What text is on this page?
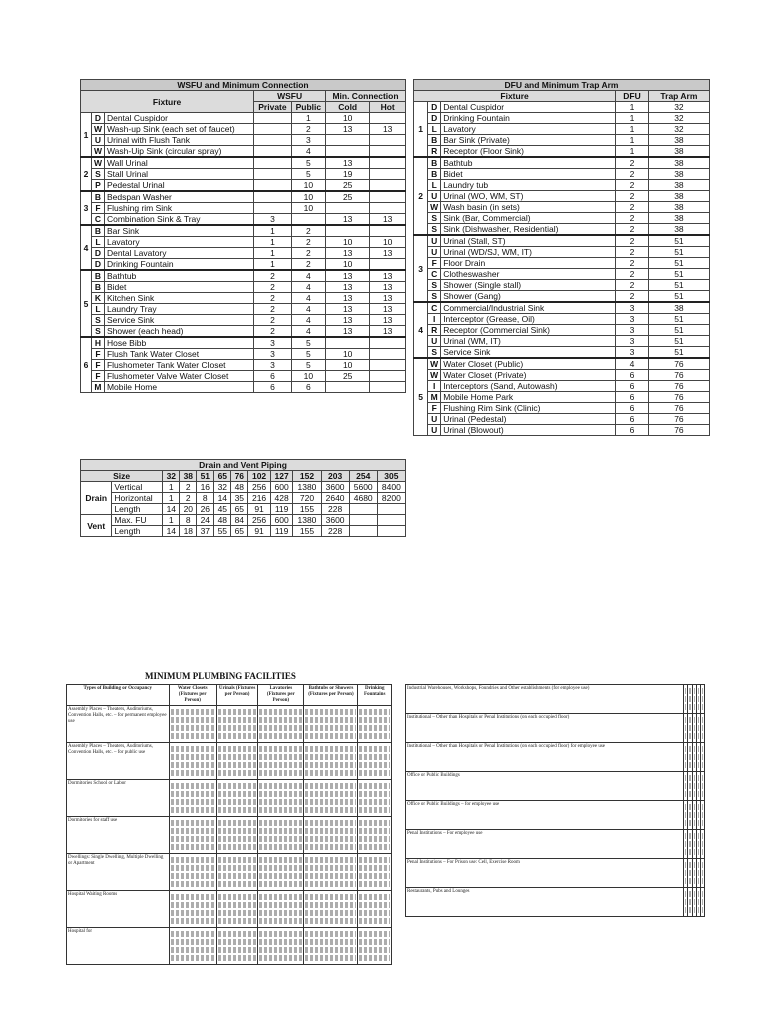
WSFU and Minimum Connection						
Fixture			WSFU		Min. Connection	
			Private	Public	Cold	Hot
1	D	Dental Cuspidor		1	10	
	W	Wash-up Sink (each set of faucet)		2	13	13
	U	Urinal with Flush Tank		3		
	W	Wash-Uip Sink (circular spray)		4		
2	W	Wall Urinal		5	13	
	S	Stall Urinal		5	19	
	P	Pedestal Urinal		10	25	
3	B	Bedspan Washer		10	25	
	F	Flushing rim Sink		10		
	C	Combination Sink & Tray	3		13	13
4	B	Bar Sink	1	2		
	L	Lavatory	1	2	10	10
	D	Dental Lavatory	1	2	13	13
	D	Drinking Fountain	1	2	10	
5	B	Bathtub	2	4	13	13
	B	Bidet	2	4	13	13
	K	Kitchen Sink	2	4	13	13
	L	Laundry Tray	2	4	13	13
	S	Service Sink	2	4	13	13
	S	Shower (each head)	2	4	13	13
6	H	Hose Bibb	3	5		
	F	Flush Tank Water Closet	3	5	10	
	F	Flushometer Tank Water Closet	3	5	10	
	F	Flushometer Valve Water Closet	6	10	25	
	M	Mobile Home	6	6		
DFU and Minimum Trap Arm				
Fixture			DFU	Trap Arm
1	D	Dental Cuspidor	1	32
	D	Drinking Fountain	1	32
	L	Lavatory	1	32
	B	Bar Sink (Private)	1	38
	R	Receptor (Floor Sink)	1	38
2	B	Bathtub	2	38
	B	Bidet	2	38
	L	Laundry tub	2	38
	U	Urinal (WO, WM, ST)	2	38
	W	Wash basin (in sets)	2	38
	S	Sink (Bar, Commercial)	2	38
	S	Sink (Dishwasher, Residential)	2	38
3	U	Urinal (Stall, ST)	2	51
	U	Urinal (WD/SJ, WM, IT)	2	51
	F	Floor Drain	2	51
	C	Clotheswasher	2	51
	S	Shower (Single stall)	2	51
	S	Shower (Gang)	2	51
4	C	Commercial/Industrial Sink	3	38
	I	Interceptor (Grease, Oil)	3	51
	R	Receptor (Commercial Sink)	3	51
	U	Urinal (WM, IT)	3	51
	S	Service Sink	3	51
5	W	Water Closet (Public)	4	76
	W	Water Closet (Private)	6	76
	I	Interceptors (Sand, Autowash)	6	76
	M	Mobile Home Park	6	76
	F	Flushing Rim Sink (Clinic)	6	76
	U	Urinal (Pedestal)	6	76
	U	Urinal (Blowout)	6	76
Drain and Vent Piping												
Size		32	38	51	65	76	102	127	152	203	254	305
Drain	Vertical	1	2	16	32	48	256	600	1380	3600	5600	8400
	Horizontal	1	2	8	14	35	216	428	720	2640	4680	8200
	Length	14	20	26	45	65	91	119	155	228		
Vent	Max. FU	1	8	24	48	84	256	600	1380	3600		
	Length	14	18	37	55	65	91	119	155	228		
MINIMUM PLUMBING FACILITIES
Types of Building or Occupancy	Water Closets (Fixtures per Person)	Urinals (Fixtures per Person)	Lavatories (Fixtures per Person)	Bathtubs or Showers (Fixtures per Person)	Drinking Fountains
Assembly Places – Theaters, Auditoriums, Convention Halls, etc. – for permanent employee use	

Assembly Places – Theaters, Auditoriums, Convention Halls, etc. – for public use	

Dormitories School or Labor	

Dormitories for staff use	

Dwellings: Single Dwelling, Multiple Dwelling or Apartment	

Hospital Waiting Rooms	

Hospital for	

Industrial Warehouses, Workshops, Foundries and Other establishments (for employee use)	

Institutional – Other than Hospitals or Penal Institutions (on each occupied floor)	

Institutional – Other than Hospitals or Penal Institutions (on each occupied floor) for employee use	

Office or Public Buildings	

Office or Public Buildings – for employee use	

Penal Institutions – For employee use	

Penal Institutions – For Prison use: Cell, Exercise Room	

Restaurants, Pubs and Lounges	
